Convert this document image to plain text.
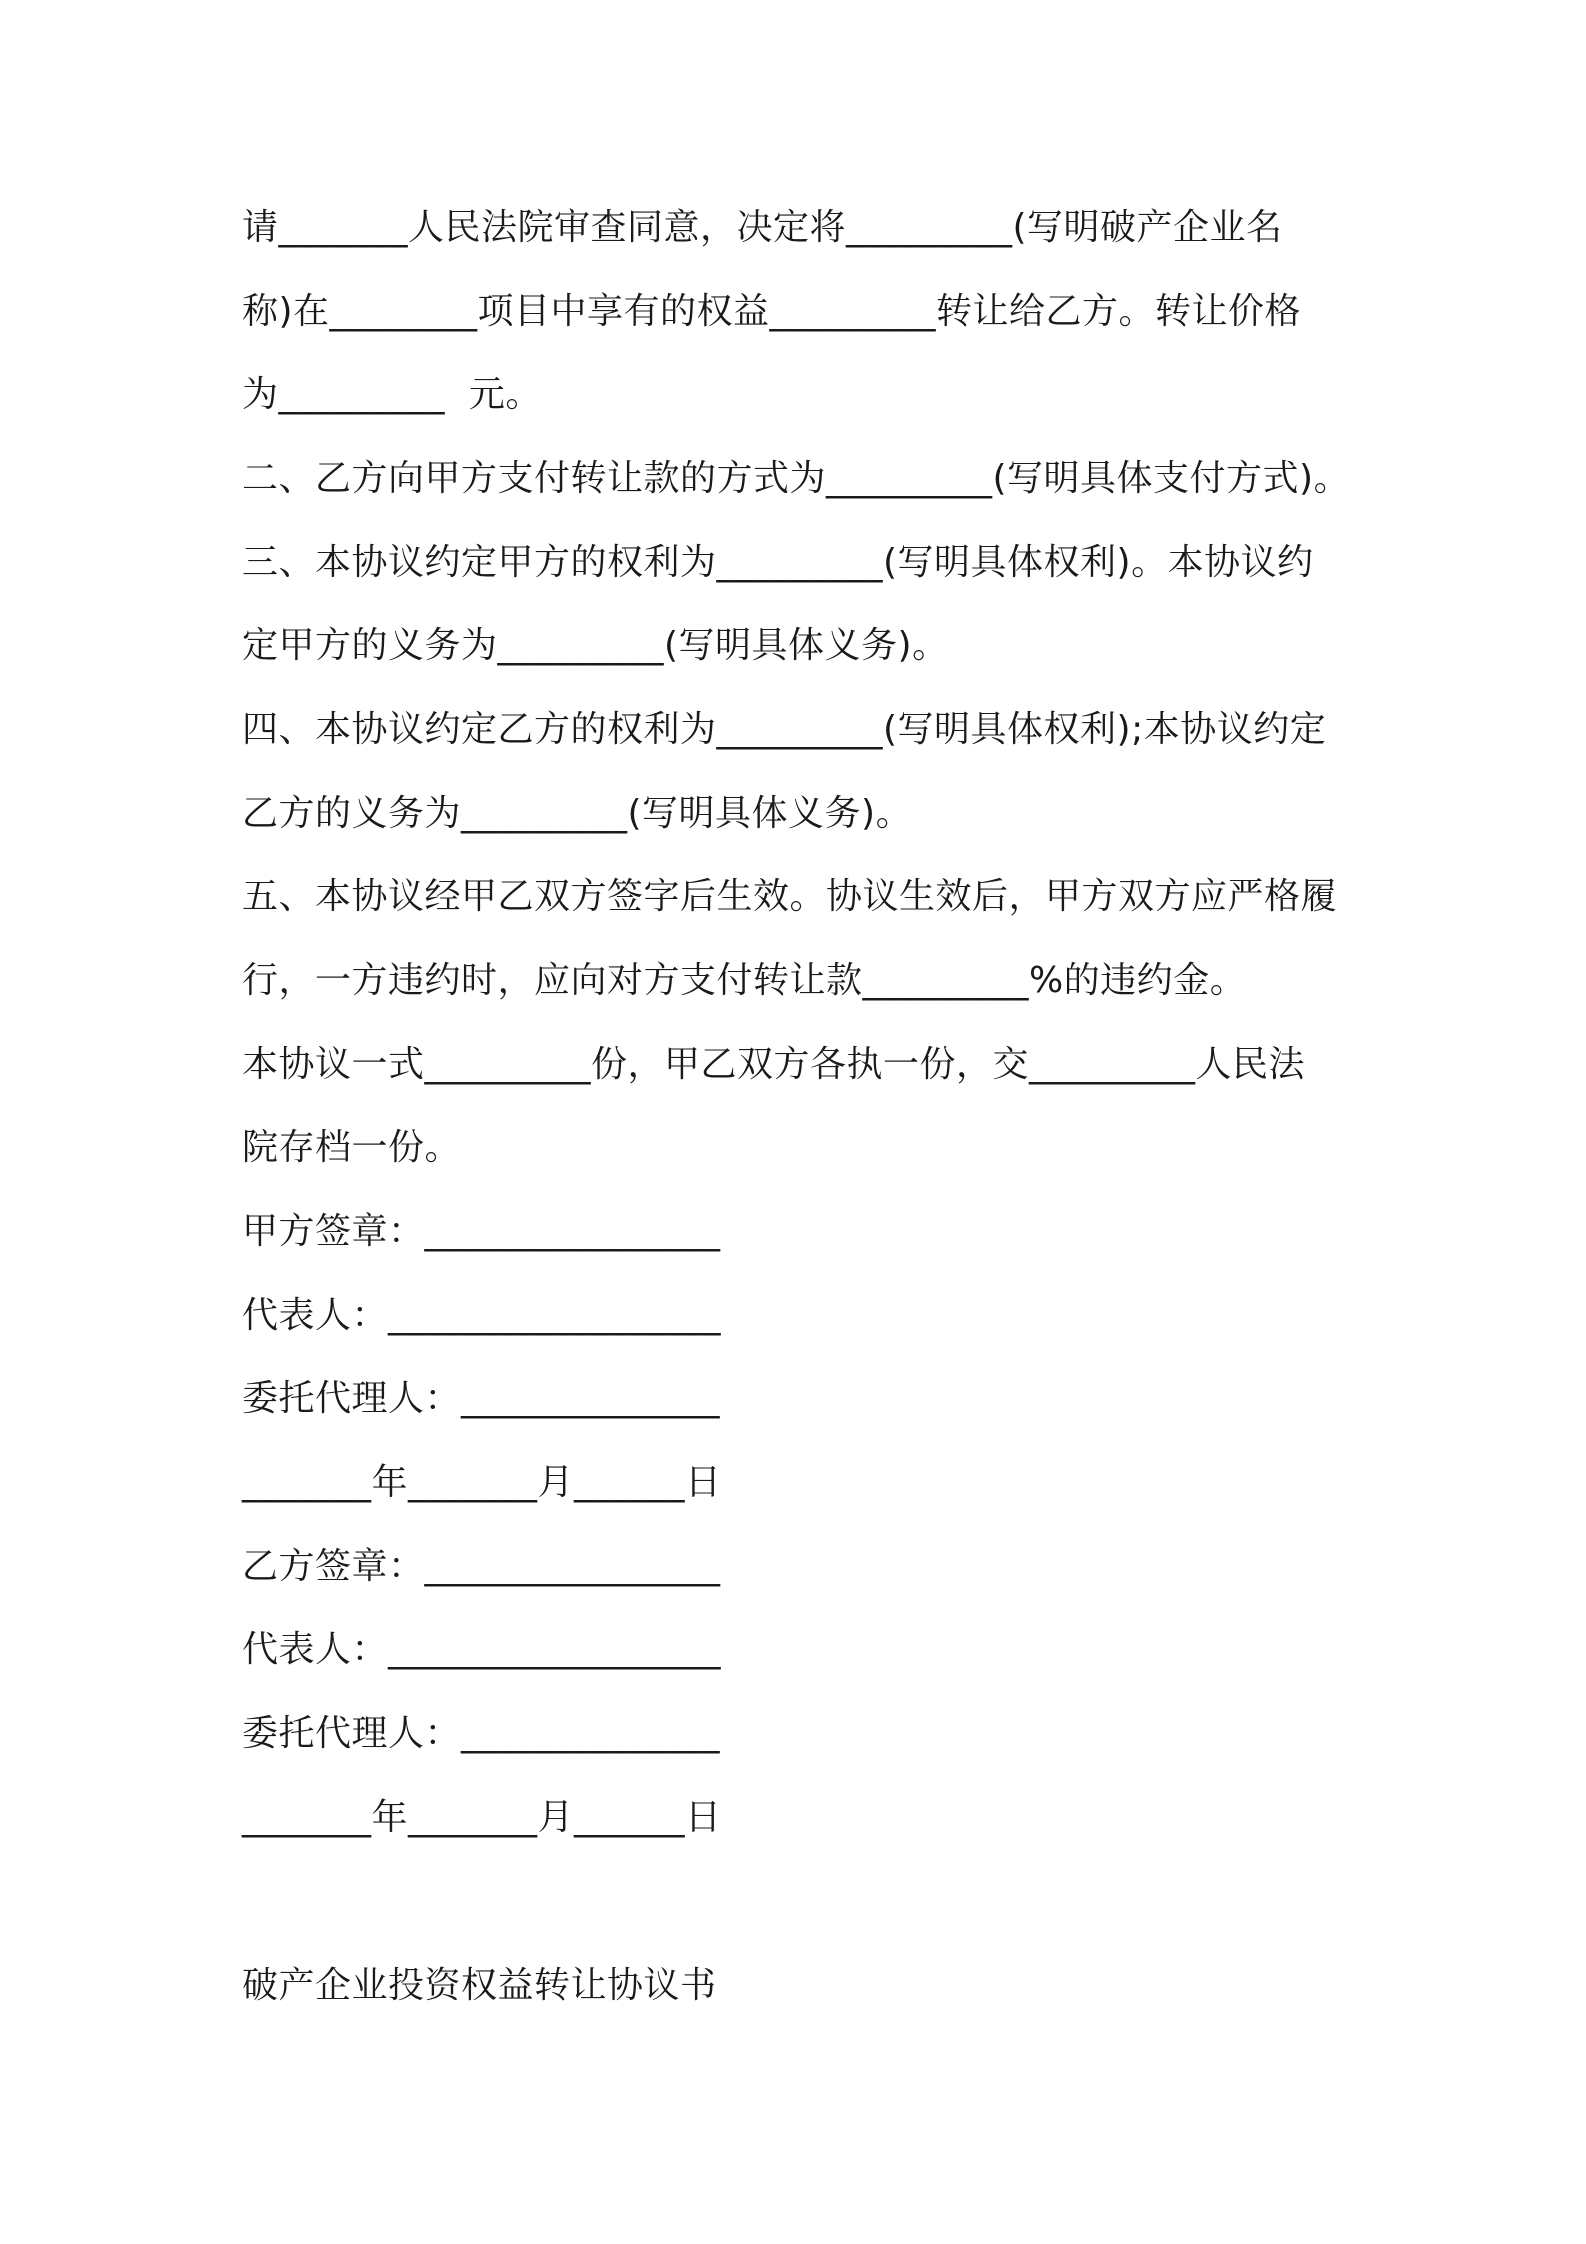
请_______人民法院审查同意，决定将_________(写明破产企业名
称)在________项目中享有的权益_________转让给乙方。转让价格
为_________  元。
二、乙方向甲方支付转让款的方式为_________(写明具体支付方式)。
三、本协议约定甲方的权利为_________(写明具体权利)。本协议约
定甲方的义务为_________(写明具体义务)。
四、本协议约定乙方的权利为_________(写明具体权利);本协议约定
乙方的义务为_________(写明具体义务)。
五、本协议经甲乙双方签字后生效。协议生效后，甲方双方应严格履
行，一方违约时，应向对方支付转让款_________%的违约金。
本协议一式_________份，甲乙双方各执一份，交_________人民法
院存档一份。
甲方签章：________________
代表人：__________________
委托代理人：______________
_______年_______月______日
乙方签章：________________
代表人：__________________
委托代理人：______________
_______年_______月______日
破产企业投资权益转让协议书
